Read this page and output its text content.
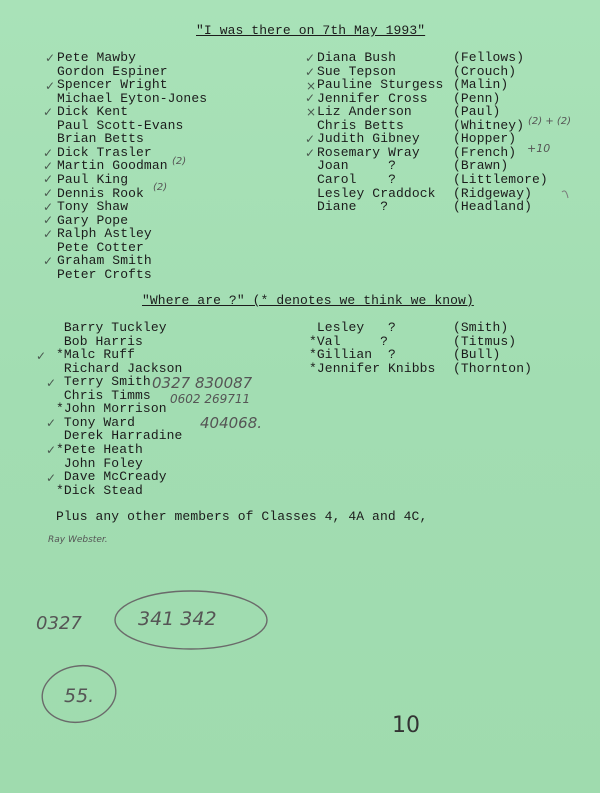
"I was there on 7th May 1993"
"Where are ?" (* denotes we think we know)
Pete Mawby
Gordon Espiner
Spencer Wright
Michael Eyton-Jones
Dick Kent
Paul Scott-Evans
Brian Betts
Dick Trasler
Martin Goodman
Paul King
Dennis Rook
Tony Shaw
Gary Pope
Ralph Astley
Pete Cotter
Graham Smith
Peter Crofts
Diana Bush	(Fellows)
Sue Tepson	(Crouch)
Pauline Sturgess (Malin)
Jennifer Cross (Penn)
Liz Anderson	(Paul)
Chris Betts	(Whitney)
Judith Gibney	(Hopper)
Rosemary Wray	(French)
Joan     ?	(Brawn)
Carol    ?	(Littlemore)
Lesley Craddock (Ridgeway)
Diane   ?	(Headland)
Barry Tuckley
Bob Harris
*Malc Ruff
Richard Jackson
Terry Smith
Chris Timms
*John Morrison
Tony Ward
Derek Harradine
*Pete Heath
John Foley
Dave McCready
*Dick Stead
Lesley   ?	(Smith)
*Val     ?	(Titmus)
*Gillian  ?	(Bull)
*Jennifer Knibbs (Thornton)
Plus any other members of Classes 4, 4A and 4C,
✓
✓
✓
✓
✓
✓
✓
✓
✓
✓
✓
✓
✓
×
✓
×
✓
✓
✓
✓
✓
✓
✓
(2)
(2)
(2) + (2)
+10
0327 830087
0602 269711
404068.
Ray Webster.
0327	341 342
55.
10
